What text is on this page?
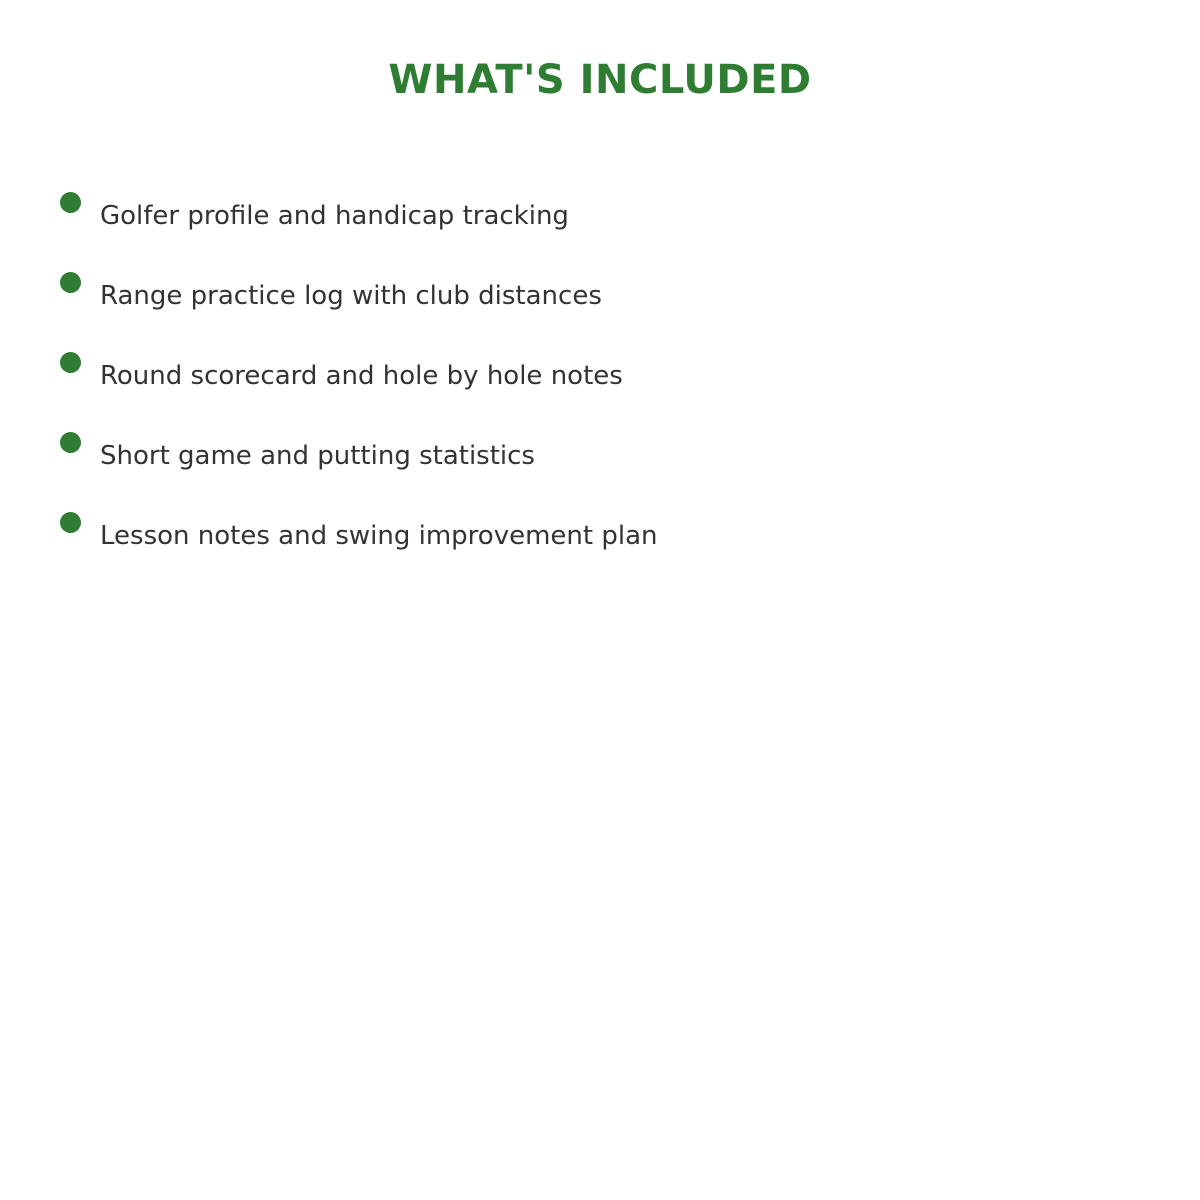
WHAT'S INCLUDED
Golfer profile and handicap tracking
Range practice log with club distances
Round scorecard and hole by hole notes
Short game and putting statistics
Lesson notes and swing improvement plan
